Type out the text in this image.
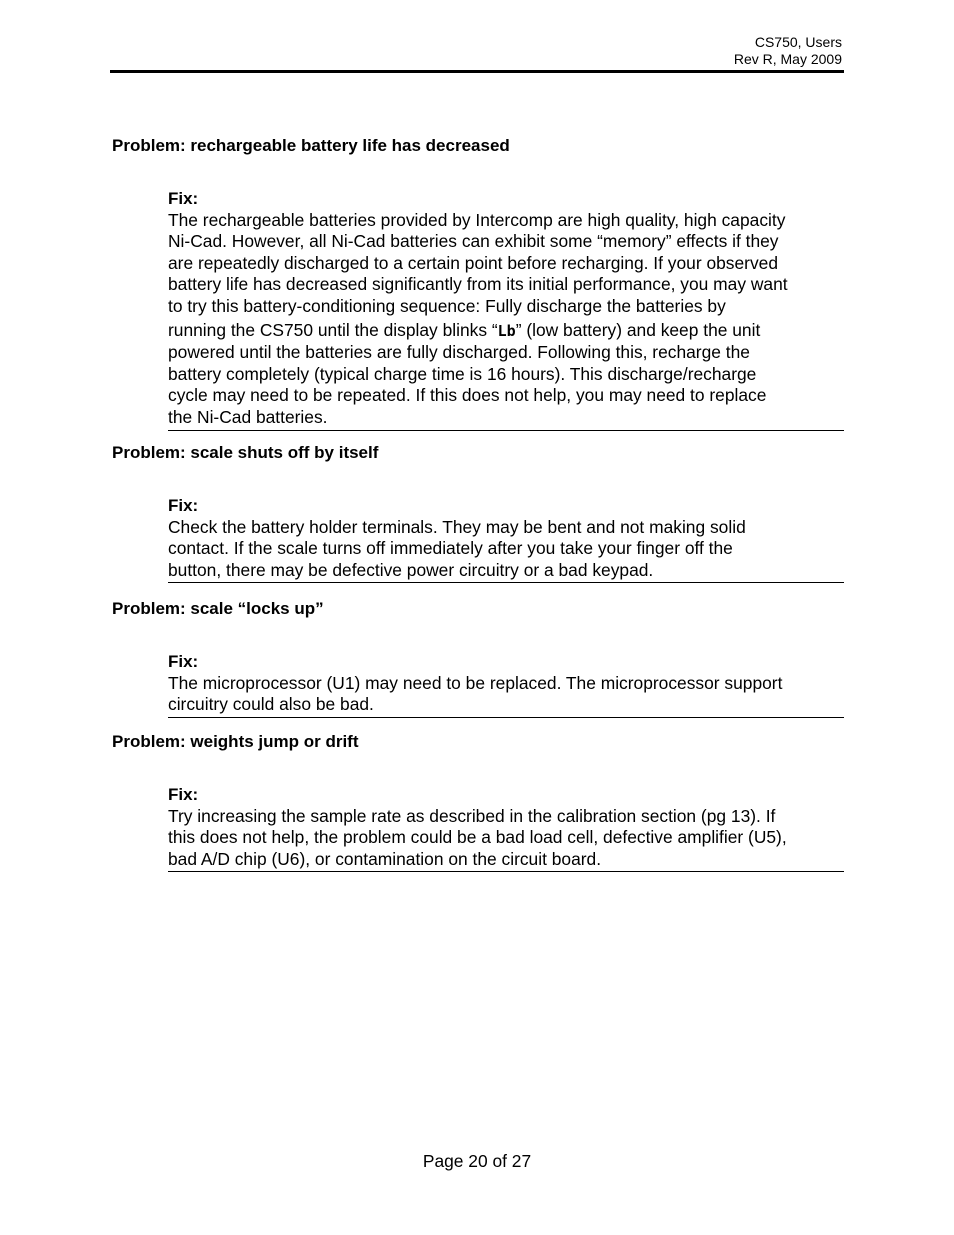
CS750, Users
Rev R, May 2009

Problem: rechargeable battery life has decreased

Fix:

The rechargeable batteries provided by Intercomp are high quality, high capacity
Ni-Cad. However, all Ni-Cad batteries can exhibit some “memory” effects if they
are repeatedly discharged to a certain point before recharging. If your observed
battery life has decreased significantly from its initial performance, you may want
to try this battery-conditioning sequence: Fully discharge the batteries by
running the CS750 until the display blinks “Lb” (low battery) and keep the unit
powered until the batteries are fully discharged. Following this, recharge the
battery completely (typical charge time is 16 hours). This discharge/recharge
cycle may need to be repeated. If this does not help, you may need to replace
the Ni-Cad batteries.

Problem: scale shuts off by itself

Fix:

Check the battery holder terminals. They may be bent and not making solid
contact. If the scale turns off immediately after you take your finger off the
button, there may be defective power circuitry or a bad keypad.

Problem: scale “locks up”

Fix:

The microprocessor (U1) may need to be replaced. The microprocessor support
circuitry could also be bad.

Problem: weights jump or drift

Fix:

Try increasing the sample rate as described in the calibration section (pg 13). If
this does not help, the problem could be a bad load cell, defective amplifier (U5),
bad A/D chip (U6), or contamination on the circuit board.

Page 20 of 27
